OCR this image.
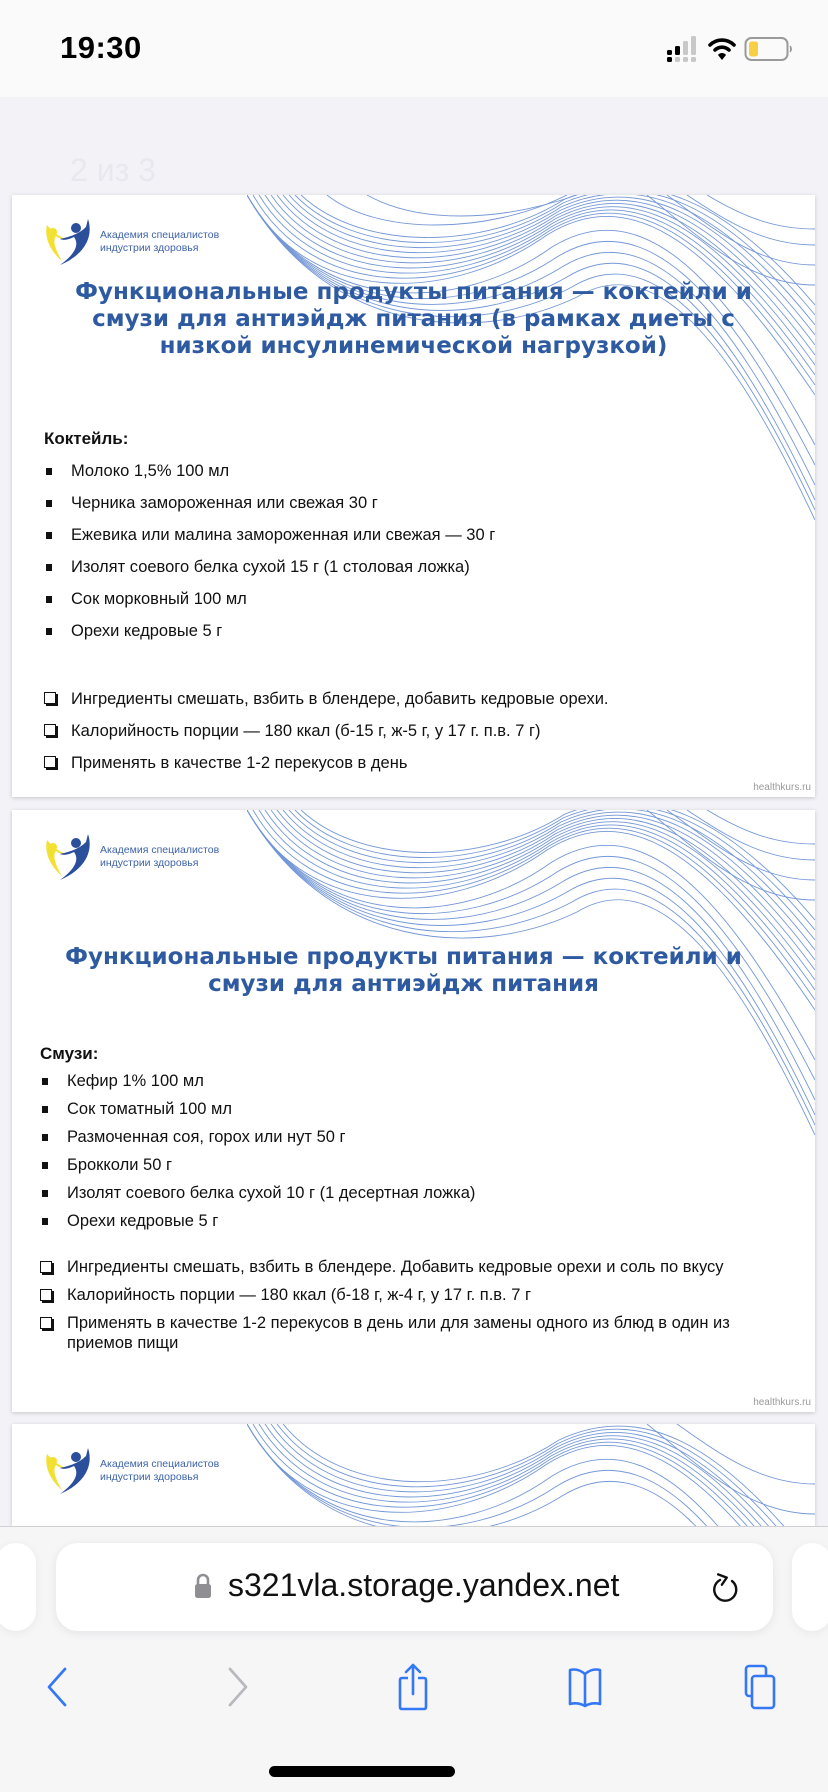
19:30
2 из 3
Академия специалистов
индустрии здоровья
Функциональные продукты питания — коктейли и
смузи для антиэйдж питания (в рамках диеты с
низкой инсулинемической нагрузкой)
Коктейль:
Молоко 1,5% 100 мл
Черника замороженная или свежая 30 г
Ежевика или малина замороженная или свежая — 30 г
Изолят соевого белка сухой 15 г (1 столовая ложка)
Сок морковный 100 мл
Орехи кедровые 5 г
Ингредиенты смешать, взбить в блендере, добавить кедровые орехи.
Калорийность порции — 180 ккал (б-15 г, ж-5 г, у 17 г. п.в. 7 г)
Применять в качестве 1-2 перекусов в день
healthkurs.ru
Академия специалистов
индустрии здоровья
Функциональные продукты питания — коктейли и
смузи для антиэйдж питания
Смузи:
Кефир 1% 100 мл
Сок томатный 100 мл
Размоченная соя, горох или нут 50 г
Брокколи 50 г
Изолят соевого белка сухой 10 г (1 десертная ложка)
Орехи кедровые 5 г
Ингредиенты смешать, взбить в блендере. Добавить кедровые орехи и соль по вкусу
Калорийность порции — 180 ккал (б-18 г, ж-4 г, у 17 г. п.в. 7 г
Применять в качестве 1-2 перекусов в день или для замены одного из блюд в один из приемов пищи
healthkurs.ru
Академия специалистов
индустрии здоровья
s321vla.storage.yandex.net
